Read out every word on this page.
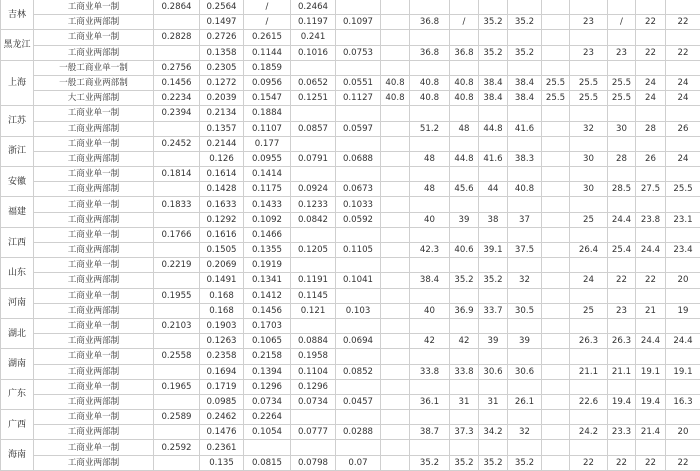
吉林	工商业单一制	0.2864	0.2564	/	0.2464											
	工商业两部制		0.1497	/	0.1197	0.1097		36.8	/	35.2	35.2		23	/	22	22
黑龙江	工商业单一制	0.2828	0.2726	0.2615	0.241											
	工商业两部制		0.1358	0.1144	0.1016	0.0753		36.8	36.8	35.2	35.2		23	23	22	22
上海	一般工商业单一制	0.2756	0.2305	0.1859												
	一般工商业两部制	0.1456	0.1272	0.0956	0.0652	0.0551	40.8	40.8	40.8	38.4	38.4	25.5	25.5	25.5	24	24
	大工业两部制	0.2234	0.2039	0.1547	0.1251	0.1127	40.8	40.8	40.8	38.4	38.4	25.5	25.5	25.5	24	24
江苏	工商业单一制	0.2394	0.2134	0.1884												
	工商业两部制		0.1357	0.1107	0.0857	0.0597		51.2	48	44.8	41.6		32	30	28	26
浙江	工商业单一制	0.2452	0.2144	0.177												
	工商业两部制		0.126	0.0955	0.0791	0.0688		48	44.8	41.6	38.3		30	28	26	24
安徽	工商业单一制	0.1814	0.1614	0.1414												
	工商业两部制		0.1428	0.1175	0.0924	0.0673		48	45.6	44	40.8		30	28.5	27.5	25.5
福建	工商业单一制	0.1833	0.1633	0.1433	0.1233	0.1033										
	工商业两部制		0.1292	0.1092	0.0842	0.0592		40	39	38	37		25	24.4	23.8	23.1
江西	工商业单一制	0.1766	0.1616	0.1466												
	工商业两部制		0.1505	0.1355	0.1205	0.1105		42.3	40.6	39.1	37.5		26.4	25.4	24.4	23.4
山东	工商业单一制	0.2219	0.2069	0.1919												
	工商业两部制		0.1491	0.1341	0.1191	0.1041		38.4	35.2	35.2	32		24	22	22	20
河南	工商业单一制	0.1955	0.168	0.1412	0.1145											
	工商业两部制		0.168	0.1456	0.121	0.103		40	36.9	33.7	30.5		25	23	21	19
湖北	工商业单一制	0.2103	0.1903	0.1703												
	工商业两部制		0.1263	0.1065	0.0884	0.0694		42	42	39	39		26.3	26.3	24.4	24.4
湖南	工商业单一制	0.2558	0.2358	0.2158	0.1958											
	工商业两部制		0.1694	0.1394	0.1104	0.0852		33.8	33.8	30.6	30.6		21.1	21.1	19.1	19.1
广东	工商业单一制	0.1965	0.1719	0.1296	0.1296											
	工商业两部制		0.0985	0.0734	0.0734	0.0457		36.1	31	31	26.1		22.6	19.4	19.4	16.3
广西	工商业单一制	0.2589	0.2462	0.2264												
	工商业两部制		0.1476	0.1054	0.0777	0.0288		38.7	37.3	34.2	32		24.2	23.3	21.4	20
海南	工商业单一制	0.2592	0.2361													
	工商业两部制		0.135	0.0815	0.0798	0.07		35.2	35.2	35.2	35.2		22	22	22	22
